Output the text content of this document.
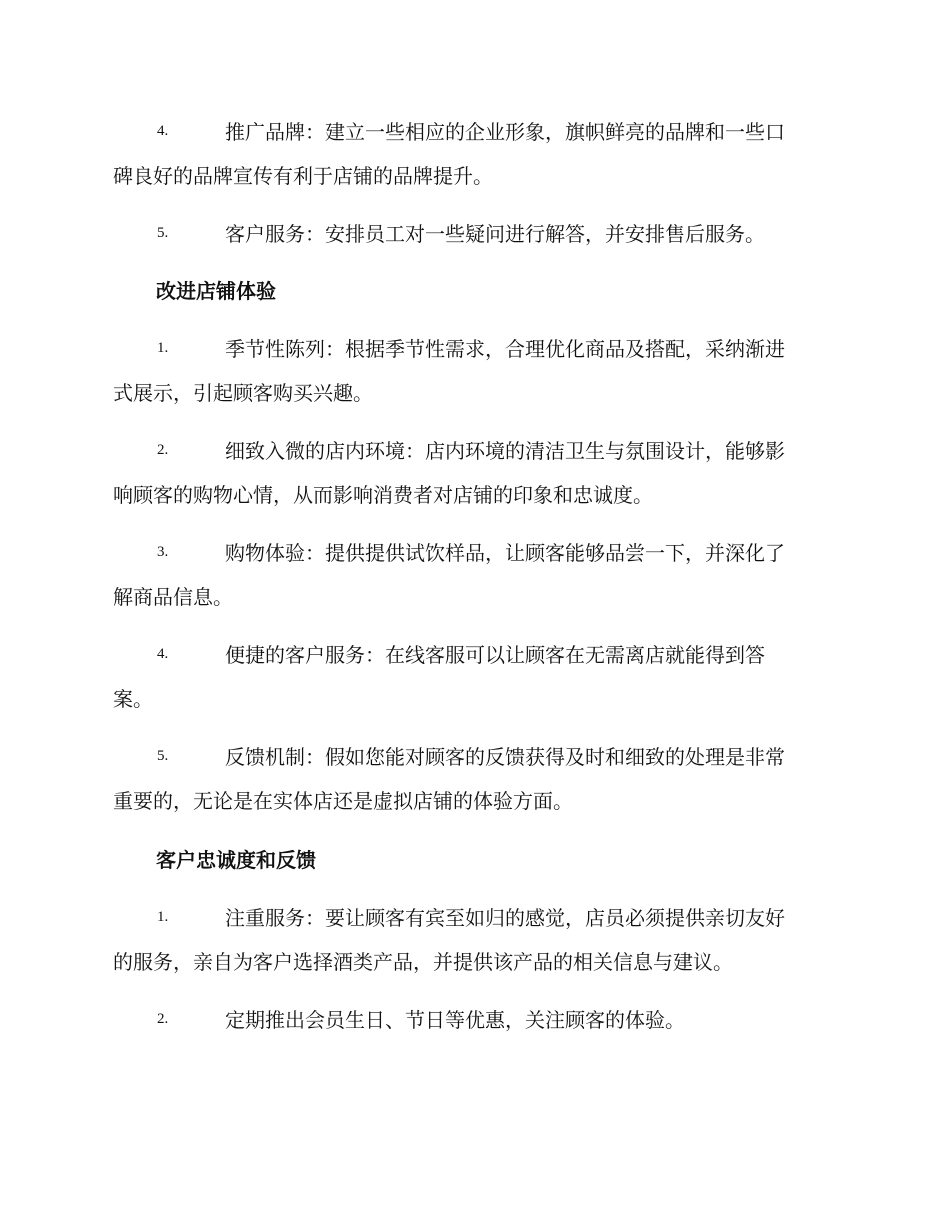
4.	推广品牌：建立一些相应的企业形象，旗帜鲜亮的品牌和一些口
碑良好的品牌宣传有利于店铺的品牌提升。
5.	客户服务：安排员工对一些疑问进行解答，并安排售后服务。
改进店铺体验
1.	季节性陈列：根据季节性需求，合理优化商品及搭配，采纳渐进
式展示，引起顾客购买兴趣。
2.	细致入微的店内环境：店内环境的清洁卫生与氛围设计，能够影
响顾客的购物心情，从而影响消费者对店铺的印象和忠诚度。
3.	购物体验：提供提供试饮样品，让顾客能够品尝一下，并深化了
解商品信息。
4.	便捷的客户服务：在线客服可以让顾客在无需离店就能得到答
案。
5.	反馈机制：假如您能对顾客的反馈获得及时和细致的处理是非常
重要的，无论是在实体店还是虚拟店铺的体验方面。
客户忠诚度和反馈
1.	注重服务：要让顾客有宾至如归的感觉，店员必须提供亲切友好
的服务，亲自为客户选择酒类产品，并提供该产品的相关信息与建议。
2.	定期推出会员生日、节日等优惠，关注顾客的体验。
